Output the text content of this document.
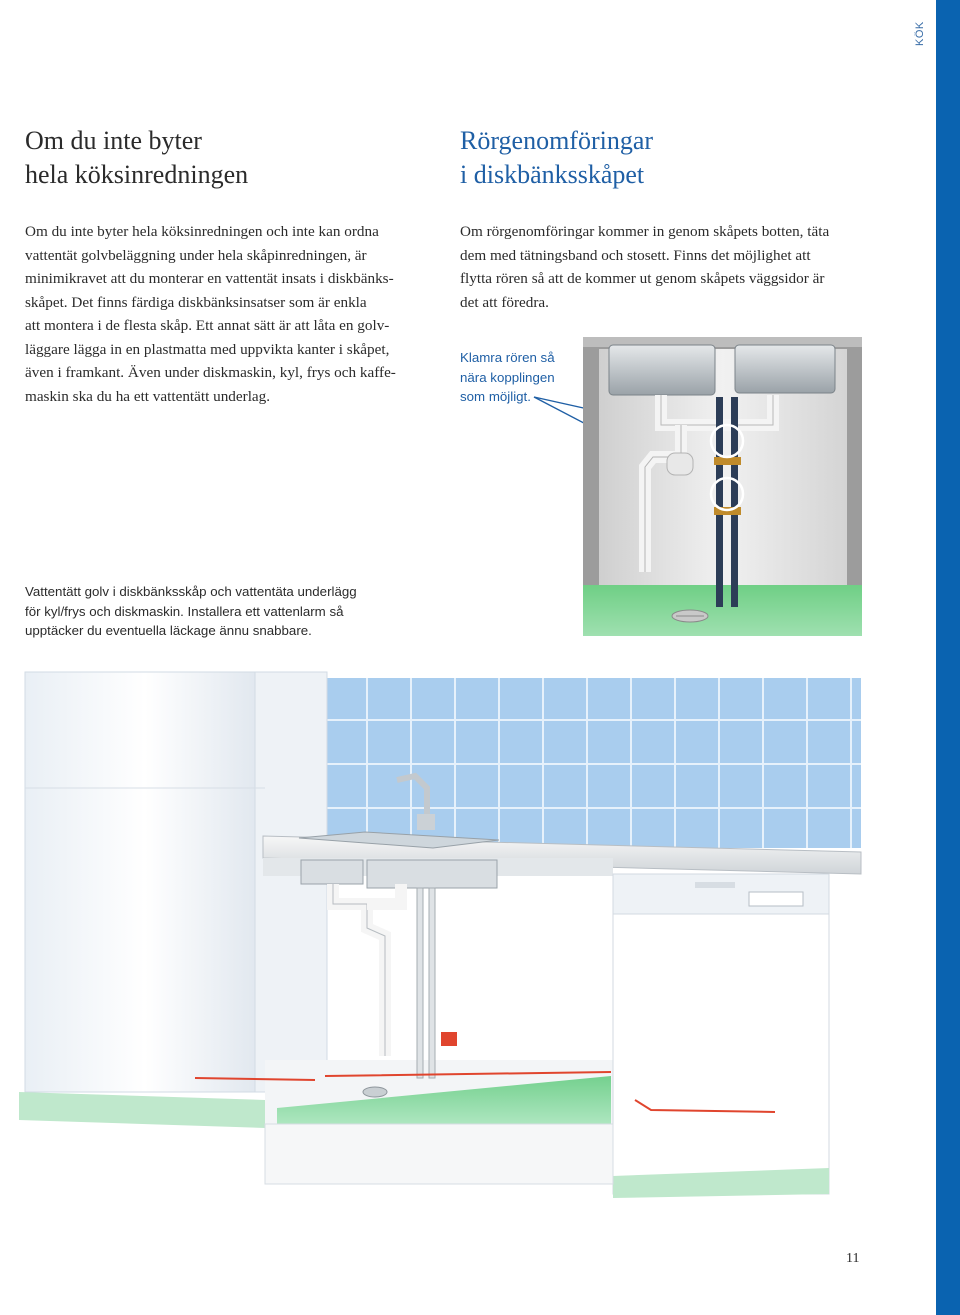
KÖK
Om du inte byter
hela köksinredningen

Om du inte byter hela köksinredningen och inte kan ordna
vattentät golvbeläggning under hela skåpinredningen, är
minimikravet att du monterar en vattentät insats i diskbänks-
skåpet. Det finns färdiga diskbänksinsatser som är enkla
att montera i de flesta skåp. Ett annat sätt är att låta en golv-
läggare lägga in en plastmatta med uppvikta kanter i skåpet,
även i framkant. Även under diskmaskin, kyl, frys och kaffe-
maskin ska du ha ett vattentätt underlag.

Vattentätt golv i diskbänksskåp och vattentäta underlägg
för kyl/frys och diskmaskin. Installera ett vattenlarm så
upptäcker du eventuella läckage ännu snabbare.

Rörgenomföringar
i diskbänksskåpet

Om rörgenomföringar kommer in genom skåpets botten, täta
dem med tätningsband och stosett. Finns det möjlighet att
flytta rören så att de kommer ut genom skåpets väggsidor är
det att föredra.

Klamra rören så
nära kopplingen
som möjligt.

11
